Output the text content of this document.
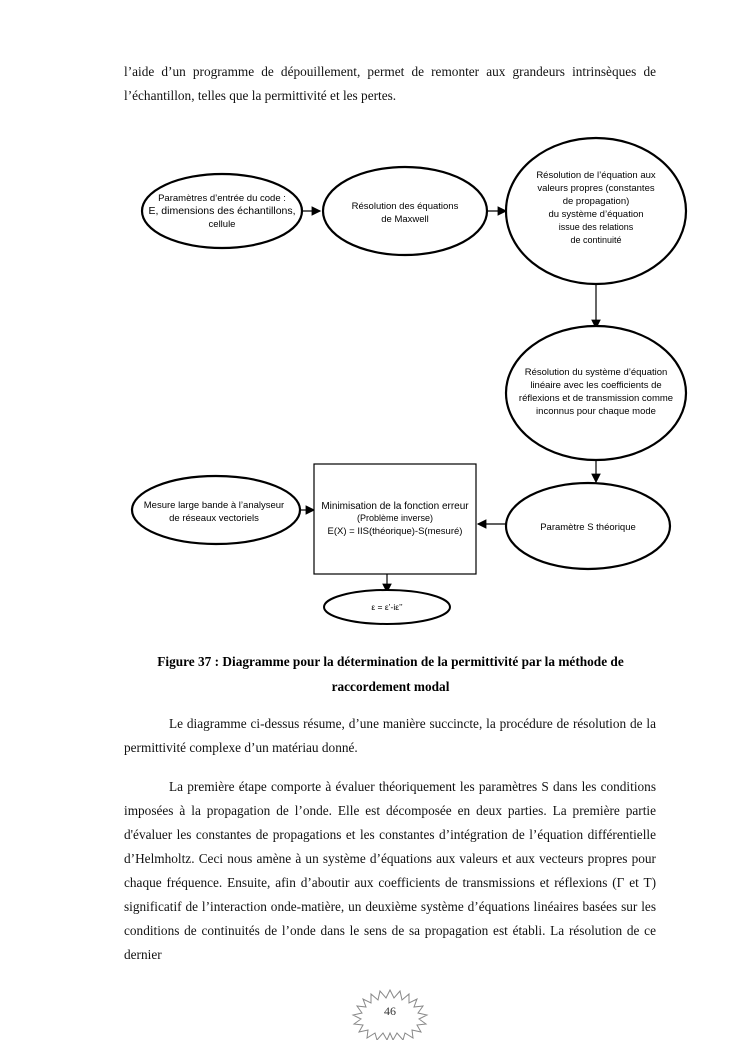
l’aide d’un programme de dépouillement, permet de remonter aux grandeurs intrinsèques de l’échantillon, telles que la permittivité et les pertes.

Paramètres d’entrée du code :
E, dimensions des échantillons,
cellule
Résolution des équations
de Maxwell
Résolution de l’équation aux
valeurs propres (constantes
de propagation)
du système d’équation
issue des relations
de continuité
Résolution du système d’équation
linéaire avec les coefficients de
réflexions et de transmission comme
inconnus pour chaque mode
Paramètre S théorique
Minimisation de la fonction erreur
(Problème inverse)
E(X) = IIS(théorique)-S(mesuré)
Mesure large bande à l’analyseur
de réseaux vectoriels
ε = ε’-iε’’

Figure 37 : Diagramme pour la détermination de la permittivité par la méthode de
raccordement modal

Le diagramme ci-dessus résume, d’une manière succincte, la procédure de résolution de la permittivité complexe d’un matériau donné.

La première étape comporte à évaluer théoriquement les paramètres S dans les conditions imposées à la propagation de l’onde. Elle est décomposée en deux parties. La première partie d'évaluer les constantes de propagations et les constantes d’intégration de l’équation différentielle d’Helmholtz. Ceci nous amène à un système d’équations aux valeurs et aux vecteurs propres pour chaque fréquence. Ensuite, afin d’aboutir aux coefficients de transmissions et réflexions (Γ et T) significatif de l’interaction onde-matière, un deuxième système d’équations linéaires basées sur les conditions de continuités de l’onde dans le sens de sa propagation est établi. La résolution de ce dernier

46
